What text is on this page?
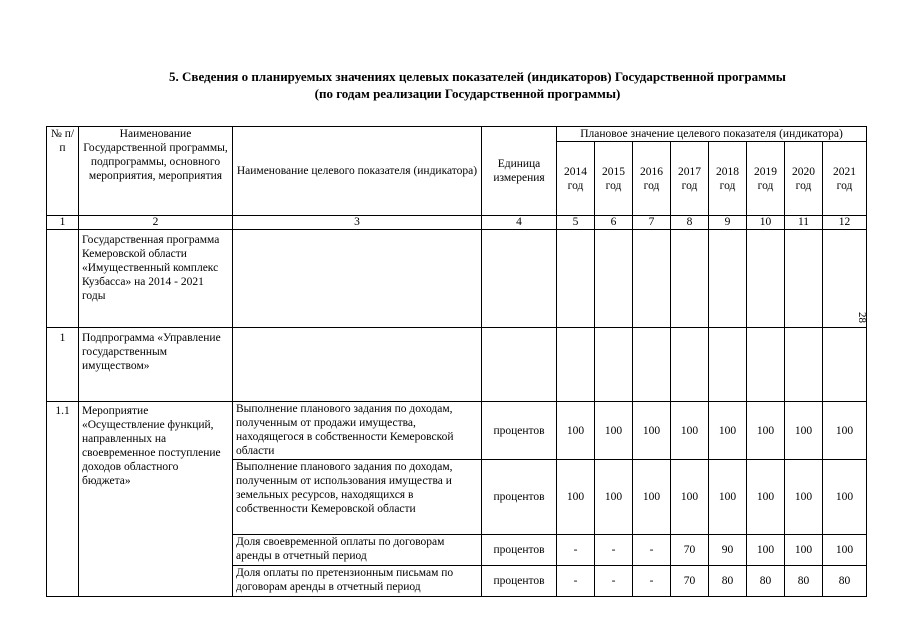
5. Сведения о планируемых значениях целевых показателей (индикаторов) Государственной программы
(по годам реализации Государственной программы)
28
№ п/п	Наименование Государственной программы, подпрограммы, основного мероприятия, мероприятия	Наименование целевого показателя (индикатора)	Единица измерения	Плановое значение целевого показателя (индикатора)							
				2014 год	2015 год	2016 год	2017 год	2018 год	2019 год	2020 год	2021 год
1	2	3	4	5	6	7	8	9	10	11	12
	Государственная программа Кемеровской области «Имущественный комплекс Кузбасса» на 2014 - 2021 годы										
1	Подпрограмма «Управление государственным имуществом»										
1.1	Мероприятие «Осуществление функций, направленных на своевременное поступление доходов областного бюджета»	Выполнение планового задания по доходам, полученным от продажи имущества, находящегося в собственности Кемеровской области	процентов	100	100	100	100	100	100	100	100
		Выполнение планового задания по доходам, полученным от использования имущества и земельных ресурсов, находящихся в собственности Кемеровской области	процентов	100	100	100	100	100	100	100	100
		Доля своевременной оплаты по договорам аренды в отчетный период	процентов	-	-	-	70	90	100	100	100
		Доля оплаты по претензионным письмам по договорам аренды в отчетный период	процентов	-	-	-	70	80	80	80	80
